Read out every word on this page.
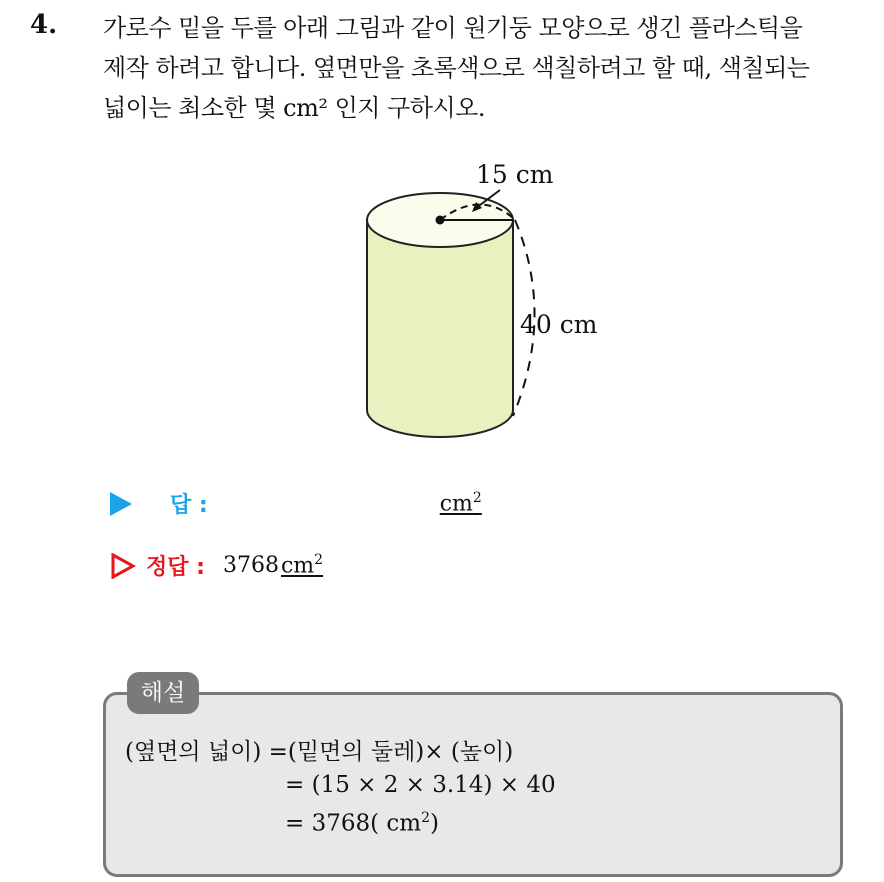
4. 가로수 밑을 두를 아래 그림과 같이 원기둥 모양으로 생긴 플라스틱을
제작 하려고 합니다. 옆면만을 초록색으로 색칠하려고 할 때, 색칠되는
넓이는 최소한 몇 cm² 인지 구하시오.
15 cm
40 cm
답 :	$cm^2$
정답 : 3768 $cm^2$
해설
(옆면의 넓이) =(밑면의 둘레)× (높이)
= (15 × 2 × 3.14) × 40
= 3768( $cm^2$)
